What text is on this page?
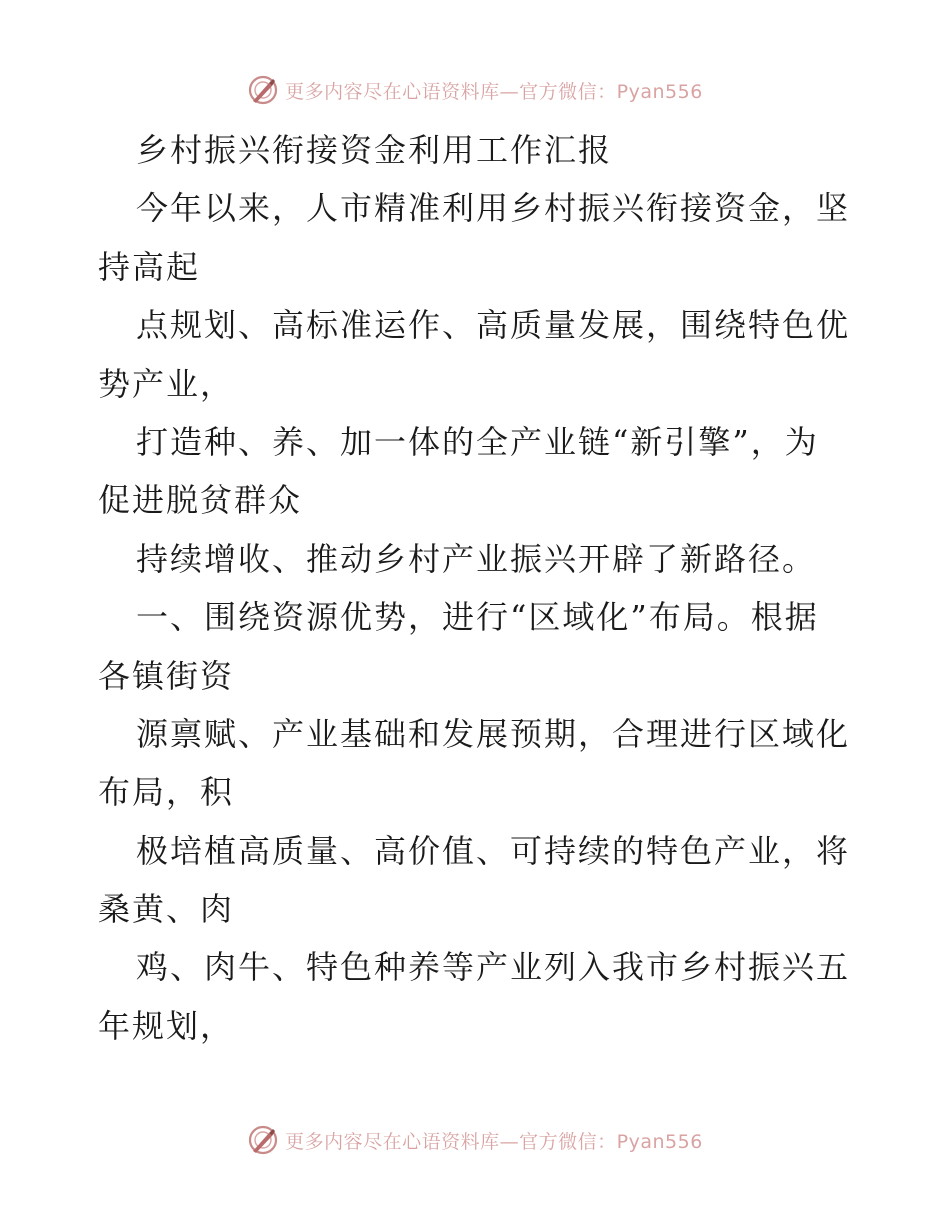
更多内容尽在心语资料库—官方微信：Pyan556
乡村振兴衔接资金利用工作汇报
今年以来，人市精准利用乡村振兴衔接资金，坚
持高起
点规划、高标准运作、高质量发展，围绕特色优
势产业，
打造种、养、加一体的全产业链“新引擎”，为
促进脱贫群众
持续增收、推动乡村产业振兴开辟了新路径。
一、围绕资源优势，进行“区域化”布局。根据
各镇街资
源禀赋、产业基础和发展预期，合理进行区域化
布局，积
极培植高质量、高价值、可持续的特色产业，将
桑黄、肉
鸡、肉牛、特色种养等产业列入我市乡村振兴五
年规划，
更多内容尽在心语资料库—官方微信：Pyan556
